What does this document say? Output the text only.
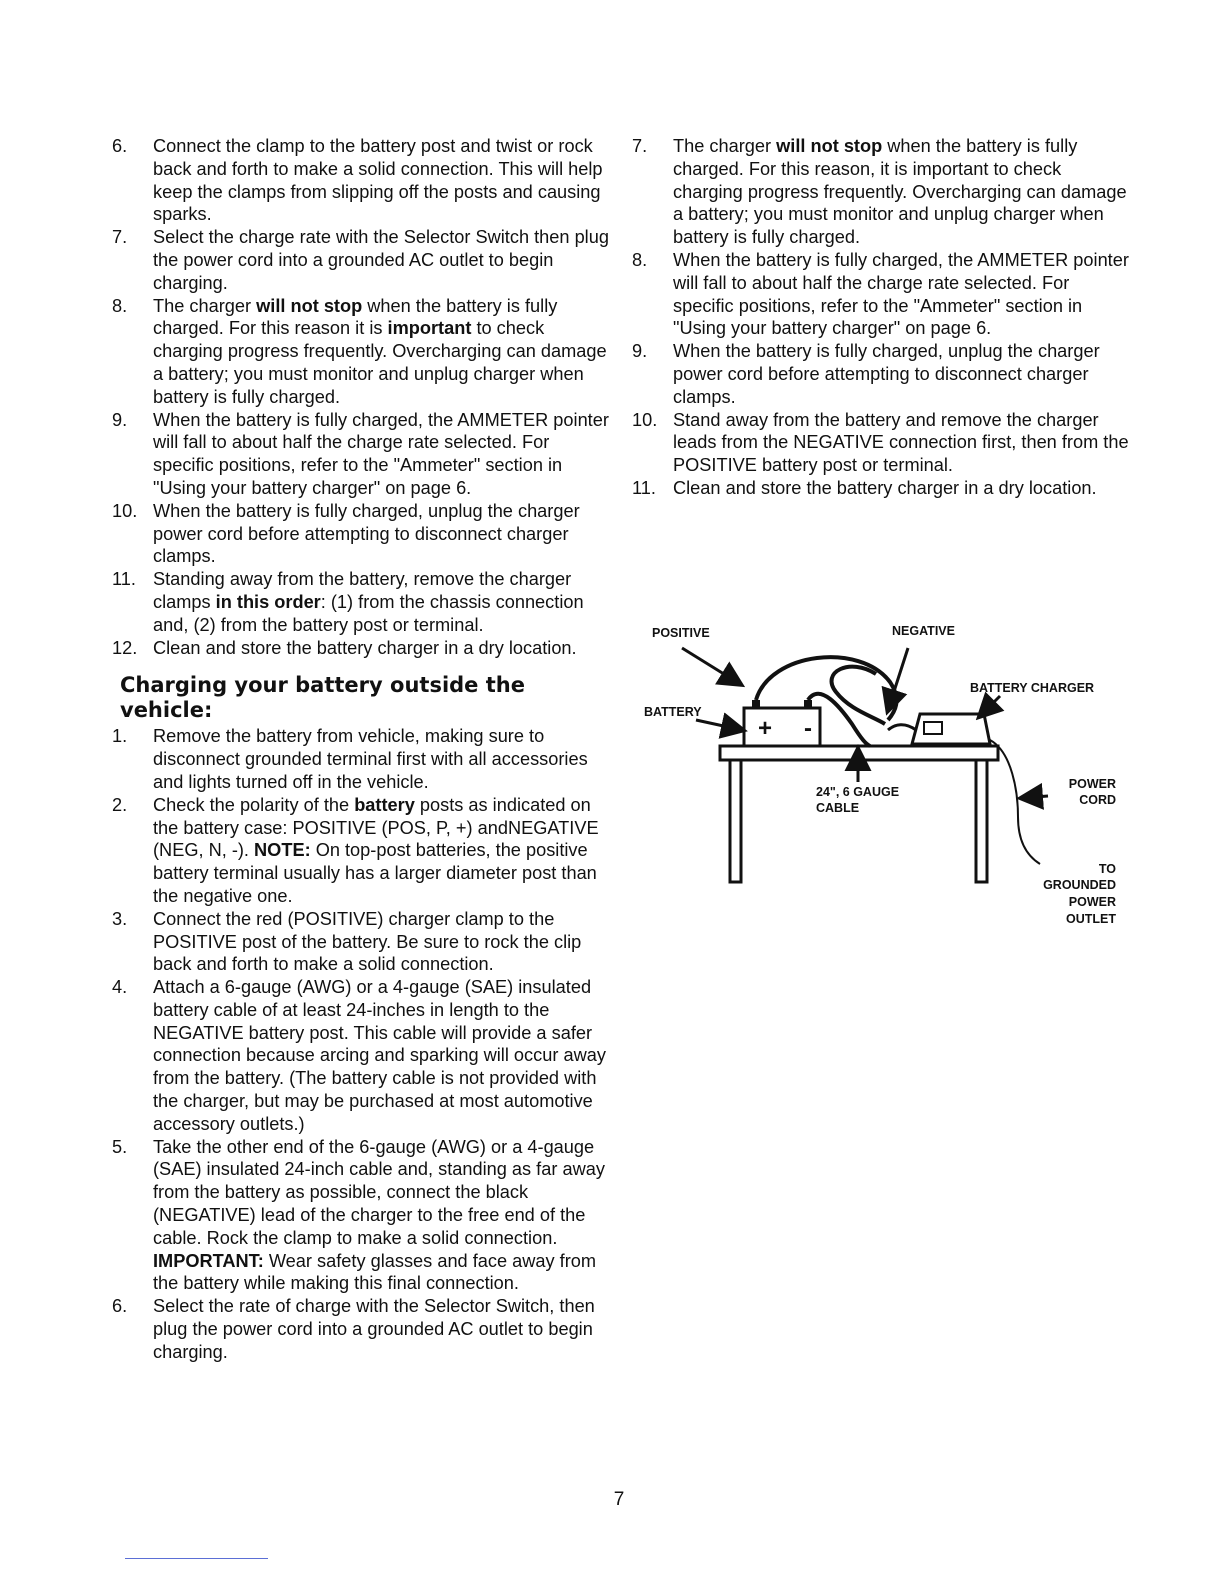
6.	Connect the clamp to the battery post and twist or rock back and forth to make a solid connection. This will help keep the clamps from slipping off the posts and causing sparks.
7.	Select the charge rate with the Selector Switch then plug the power cord into a grounded AC outlet to begin charging.
8.	The charger will not stop when the battery is fully charged. For this reason it is important to check charging progress frequently. Overcharging can damage a battery; you must monitor and unplug charger when battery is fully charged.
9.	When the battery is fully charged, the AMMETER pointer will fall to about half the charge rate selected. For specific positions, refer to the "Ammeter" section in "Using your battery charger" on page 6.
10. When the battery is fully charged, unplug the charger power cord before attempting to disconnect charger clamps.
11. Standing away from the battery, remove the charger clamps in this order: (1) from the chassis connection and, (2) from the battery post or terminal.
12. Clean and store the battery charger in a dry location.
Charging your battery outside the vehicle:
1.	Remove the battery from vehicle, making sure to disconnect grounded terminal first with all accessories and lights turned off in the vehicle.
2.	Check the polarity of the battery posts as indicated on the battery case: POSITIVE (POS, P, +) andNEGATIVE (NEG, N, -). NOTE: On top-post batteries, the positive battery terminal usually has a larger diameter post than the negative one.
3.	Connect the red (POSITIVE) charger clamp to the POSITIVE post of the battery. Be sure to rock the clip back and forth to make a solid connection.
4.	Attach a 6-gauge (AWG) or a 4-gauge (SAE) insulated battery cable of at least 24-inches in length to the NEGATIVE battery post. This cable will provide a safer connection because arcing and sparking will occur away from the battery. (The battery cable is not provided with the charger, but may be purchased at most automotive accessory outlets.)
5.	Take the other end of the 6-gauge (AWG) or a 4-gauge (SAE) insulated 24-inch cable and, standing as far away from the battery as possible, connect the black (NEGATIVE) lead of the charger to the free end of the cable. Rock the clamp to make a solid connection. IMPORTANT: Wear safety glasses and face away from the battery while making this final connection.
6.	Select the rate of charge with the Selector Switch, then plug the power cord into a grounded AC outlet to begin charging.
7.	The charger will not stop when the battery is fully charged. For this reason, it is important to check charging progress frequently. Overcharging can damage a battery; you must monitor and unplug charger when battery is fully charged.
8.	When the battery is fully charged, the AMMETER pointer will fall to about half the charge rate selected. For specific positions, refer to the "Ammeter" section in "Using your battery charger" on page 6.
9.	When the battery is fully charged, unplug the charger power cord before attempting to disconnect charger clamps.
10. Stand away from the battery and remove the charger leads from the NEGATIVE connection first, then from the POSITIVE battery post or terminal.
11. Clean and store the battery charger in a dry location.
+ -
POSITIVE	NEGATIVE
BATTERY CHARGER
BATTERY
24", 6 GAUGE
CABLE
POWER
CORD
TO
GROUNDED
POWER
OUTLET
7
